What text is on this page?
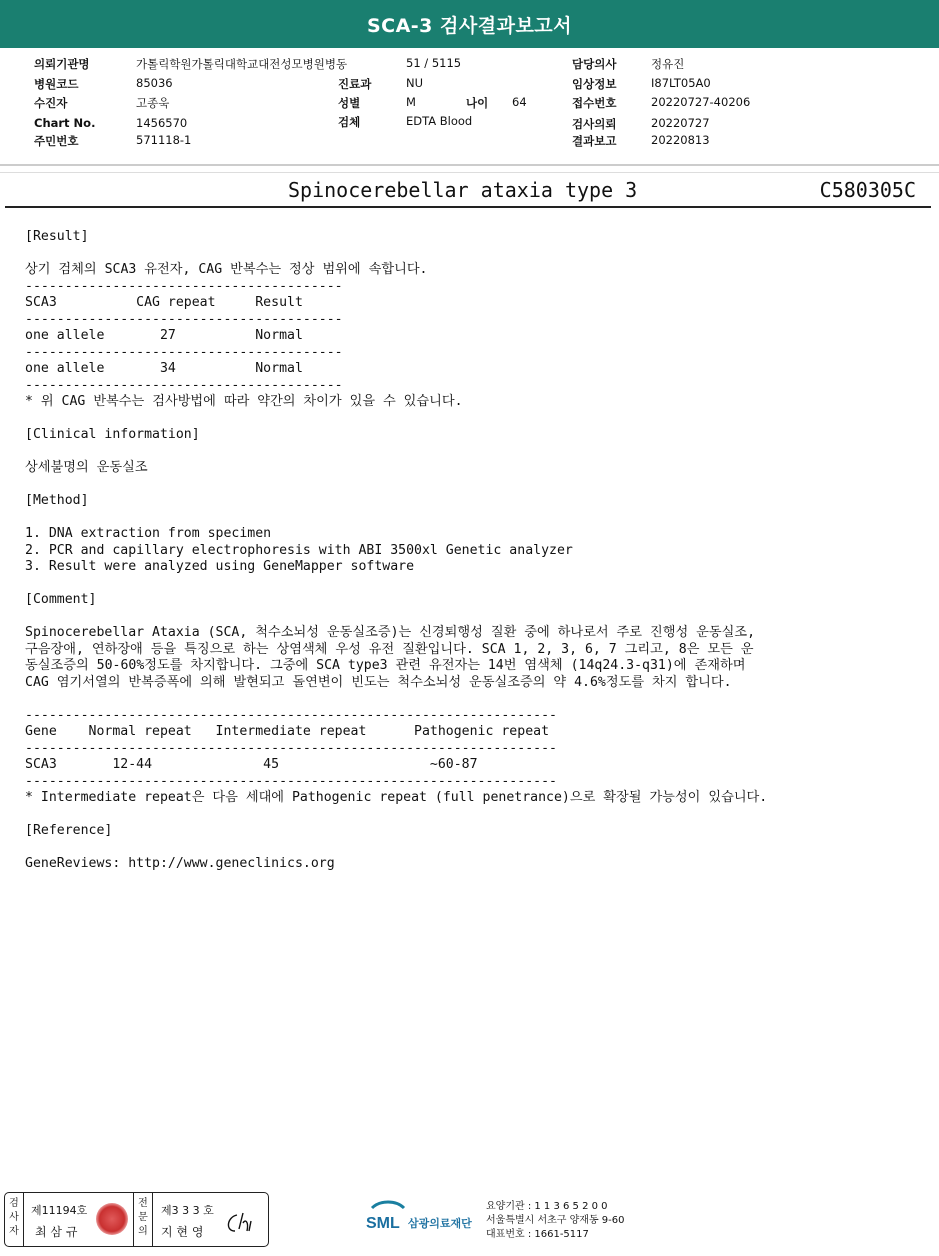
SCA-3 검사결과보고서
의뢰기관명	가톨릭학원가톨릭대학교대전성모병원병동	51 / 5115	담당의사	정유진
병원코드	85036	진료과	NU	임상정보	I87LT05A0
수진자	고종욱	성별	M	나이 64	접수번호	20220727-40206
Chart No.	1456570	검체	EDTA Blood	검사의뢰	20220727
주민번호	571118-1	결과보고	20220813
Spinocerebellar ataxia type 3	C580305C
[Result]

상기 검체의 SCA3 유전자, CAG 반복수는 정상 범위에 속합니다.
----------------------------------------
SCA3          CAG repeat     Result
----------------------------------------
one allele       27          Normal
----------------------------------------
one allele       34          Normal
----------------------------------------
* 위 CAG 반복수는 검사방법에 따라 약간의 차이가 있을 수 있습니다.

[Clinical information]

상세불명의 운동실조

[Method]

1. DNA extraction from specimen
2. PCR and capillary electrophoresis with ABI 3500xl Genetic analyzer
3. Result were analyzed using GeneMapper software

[Comment]

Spinocerebellar Ataxia (SCA, 척수소뇌성 운동실조증)는 신경퇴행성 질환 중에 하나로서 주로 진행성 운동실조,
구음장애, 연하장애 등을 특징으로 하는 상염색체 우성 유전 질환입니다. SCA 1, 2, 3, 6, 7 그리고, 8은 모든 운
동실조증의 50-60%정도를 차지합니다. 그중에 SCA type3 관련 유전자는 14번 염색체 (14q24.3-q31)에 존재하며
CAG 염기서열의 반복증폭에 의해 발현되고 돌연변이 빈도는 척수소뇌성 운동실조증의 약 4.6%정도를 차지 합니다.

-------------------------------------------------------------------
Gene    Normal repeat   Intermediate repeat      Pathogenic repeat
-------------------------------------------------------------------
SCA3       12-44              45                   ~60-87
-------------------------------------------------------------------
* Intermediate repeat은 다음 세대에 Pathogenic repeat (full penetrance)으로 확장될 가능성이 있습니다.

[Reference]

GeneReviews: http://www.geneclinics.org
검
사
자
제11194호
최 삼 규
전
문
의
제3 3 3 호
지 현 영	SML 삼광의료재단
요양기관 : 1 1 3 6 5 2 0 0
서울특별시 서초구 양재동 9-60
대표번호 : 1661-5117
